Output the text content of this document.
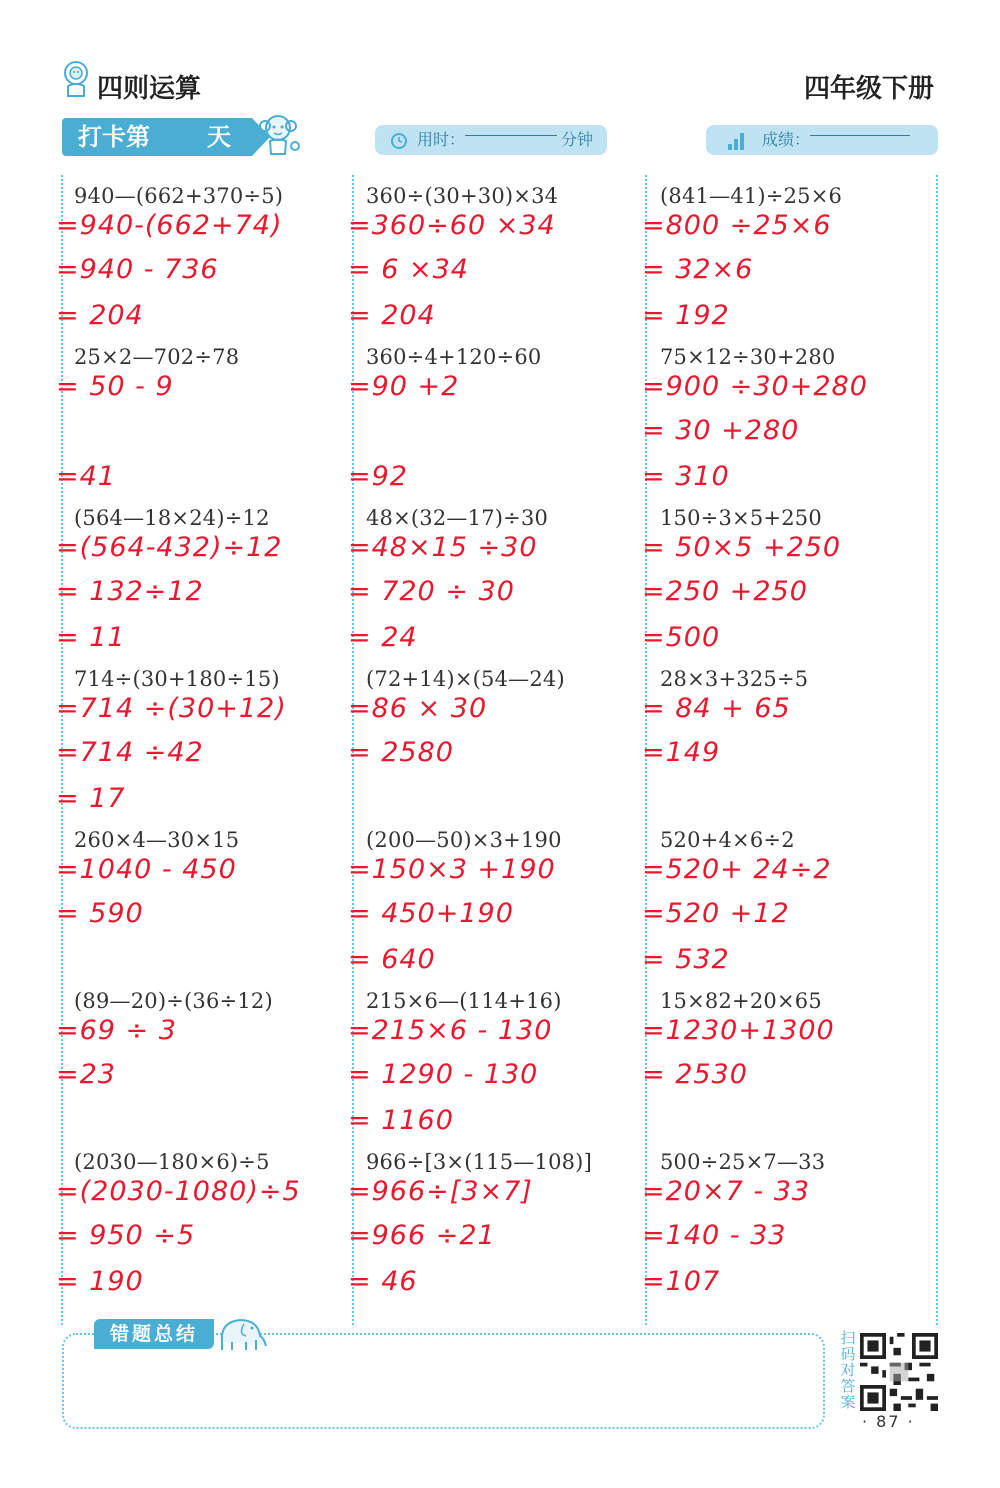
四则运算	四年级下册
打卡第 天	用时：	分钟	成绩：
940—(662+370÷5)
=940-(662+74)
=940 - 736
= 204
360÷(30+30)×34
=360÷60 ×34
= 6 ×34
= 204
(841—41)÷25×6
=800 ÷25×6
= 32×6
= 192
25×2—702÷78
= 50 - 9
=41
360÷4+120÷60
=90 +2
=92
75×12÷30+280
=900 ÷30+280
= 30 +280
= 310
(564—18×24)÷12
=(564-432)÷12
= 132÷12
= 11
48×(32—17)÷30
=48×15 ÷30
= 720 ÷ 30
= 24
150÷3×5+250
= 50×5 +250
=250 +250
=500
714÷(30+180÷15)
=714 ÷(30+12)
=714 ÷42
= 17
(72+14)×(54—24)
=86 × 30
= 2580
28×3+325÷5
= 84 + 65
=149
260×4—30×15
=1040 - 450
= 590
(200—50)×3+190
=150×3 +190
= 450+190
= 640
520+4×6÷2
=520+ 24÷2
=520 +12
= 532
(89—20)÷(36÷12)
=69 ÷ 3
=23
215×6—(114+16)
=215×6 - 130
= 1290 - 130
= 1160
15×82+20×65
=1230+1300
= 2530
(2030—180×6)÷5
=(2030-1080)÷5
= 950 ÷5
= 190
966÷[3×(115—108)]
=966÷[3×7]
=966 ÷21
= 46
500÷25×7—33
=20×7 - 33
=140 - 33
=107
错题总结	扫码对答案
· 87 ·
